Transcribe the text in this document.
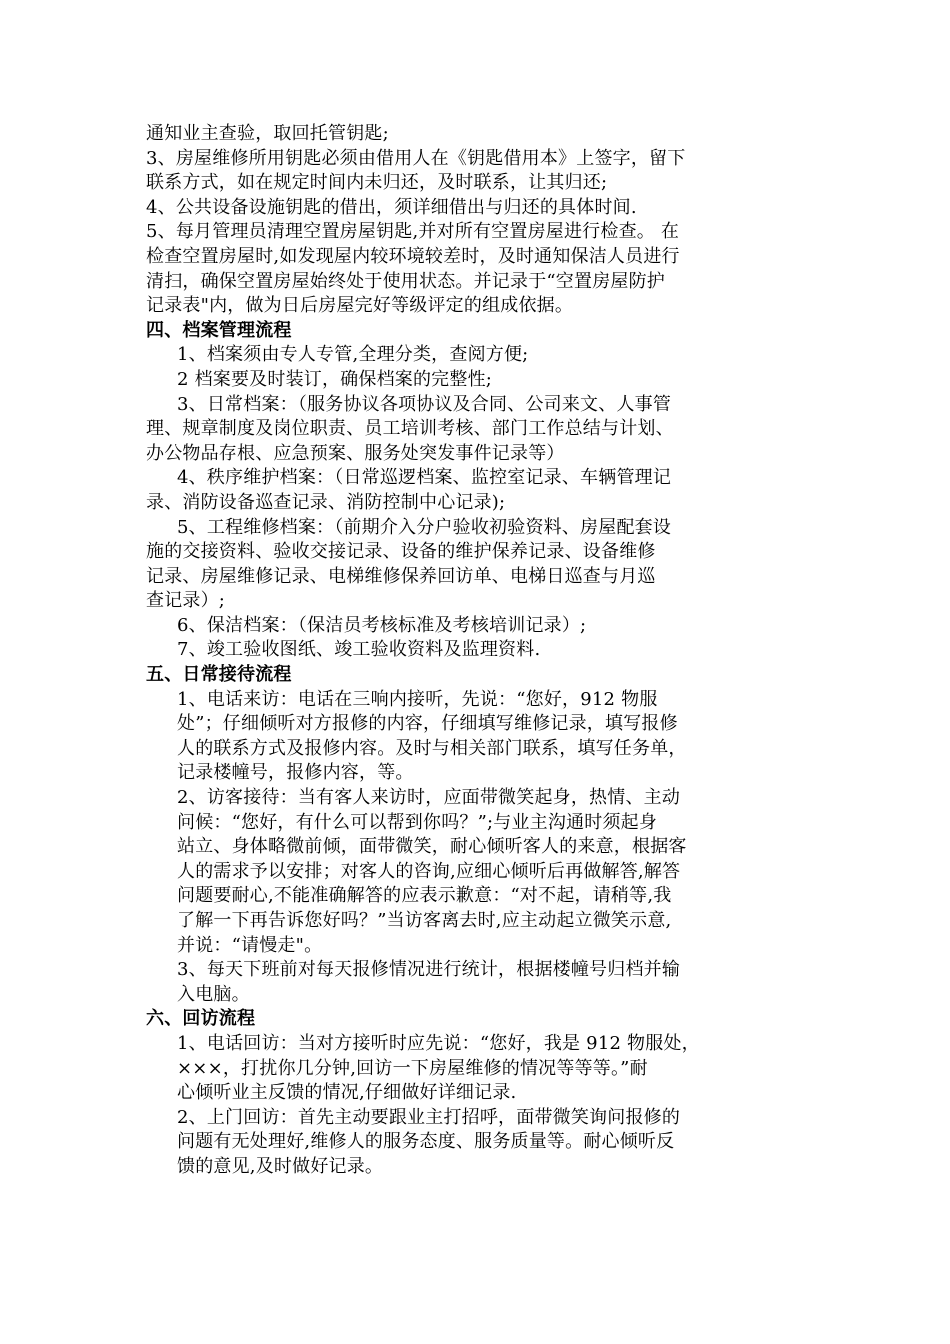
通知业主查验，取回托管钥匙;
3、房屋维修所用钥匙必须由借用人在《钥匙借用本》上签字，留下
联系方式，如在规定时间内未归还，及时联系，让其归还;
4、公共设备设施钥匙的借出，须详细借出与归还的具体时间.
5、每月管理员清理空置房屋钥匙,并对所有空置房屋进行检查。 在
检查空置房屋时,如发现屋内较环境较差时，及时通知保洁人员进行
清扫，确保空置房屋始终处于使用状态。并记录于“空置房屋防护
记录表"内，做为日后房屋完好等级评定的组成依据。
四、档案管理流程
1、档案须由专人专管,全理分类，查阅方便;
2 档案要及时装订，确保档案的完整性;
3、日常档案：（服务协议各项协议及合同、公司来文、人事管
理、规章制度及岗位职责、员工培训考核、部门工作总结与计划、
办公物品存根、应急预案、服务处突发事件记录等）
4、秩序维护档案：（日常巡逻档案、监控室记录、车辆管理记
录、消防设备巡查记录、消防控制中心记录);
5、工程维修档案：（前期介入分户验收初验资料、房屋配套设
施的交接资料、验收交接记录、设备的维护保养记录、设备维修
记录、房屋维修记录、电梯维修保养回访单、电梯日巡查与月巡
查记录）;
6、保洁档案：（保洁员考核标准及考核培训记录）;
7、竣工验收图纸、竣工验收资料及监理资料.
五、日常接待流程
1、电话来访：电话在三响内接听，先说：“您好，912 物服
处”；仔细倾听对方报修的内容，仔细填写维修记录，填写报修
人的联系方式及报修内容。及时与相关部门联系，填写任务单，
记录楼幢号，报修内容，等。
2、访客接待：当有客人来访时，应面带微笑起身，热情、主动
问候：“您好，有什么可以帮到你吗？”;与业主沟通时须起身
站立、身体略微前倾，面带微笑，耐心倾听客人的来意，根据客
人的需求予以安排；对客人的咨询,应细心倾听后再做解答,解答
问题要耐心,不能准确解答的应表示歉意：“对不起，请稍等,我
了解一下再告诉您好吗？”当访客离去时,应主动起立微笑示意,
并说：“请慢走"。
3、每天下班前对每天报修情况进行统计，根据楼幢号归档并输
入电脑。
六、回访流程
1、电话回访：当对方接听时应先说：“您好，我是 912 物服处，
×××，打扰你几分钟,回访一下房屋维修的情况等等等。”耐
心倾听业主反馈的情况,仔细做好详细记录.
2、上门回访：首先主动要跟业主打招呼，面带微笑询问报修的
问题有无处理好,维修人的服务态度、服务质量等。耐心倾听反
馈的意见,及时做好记录。
